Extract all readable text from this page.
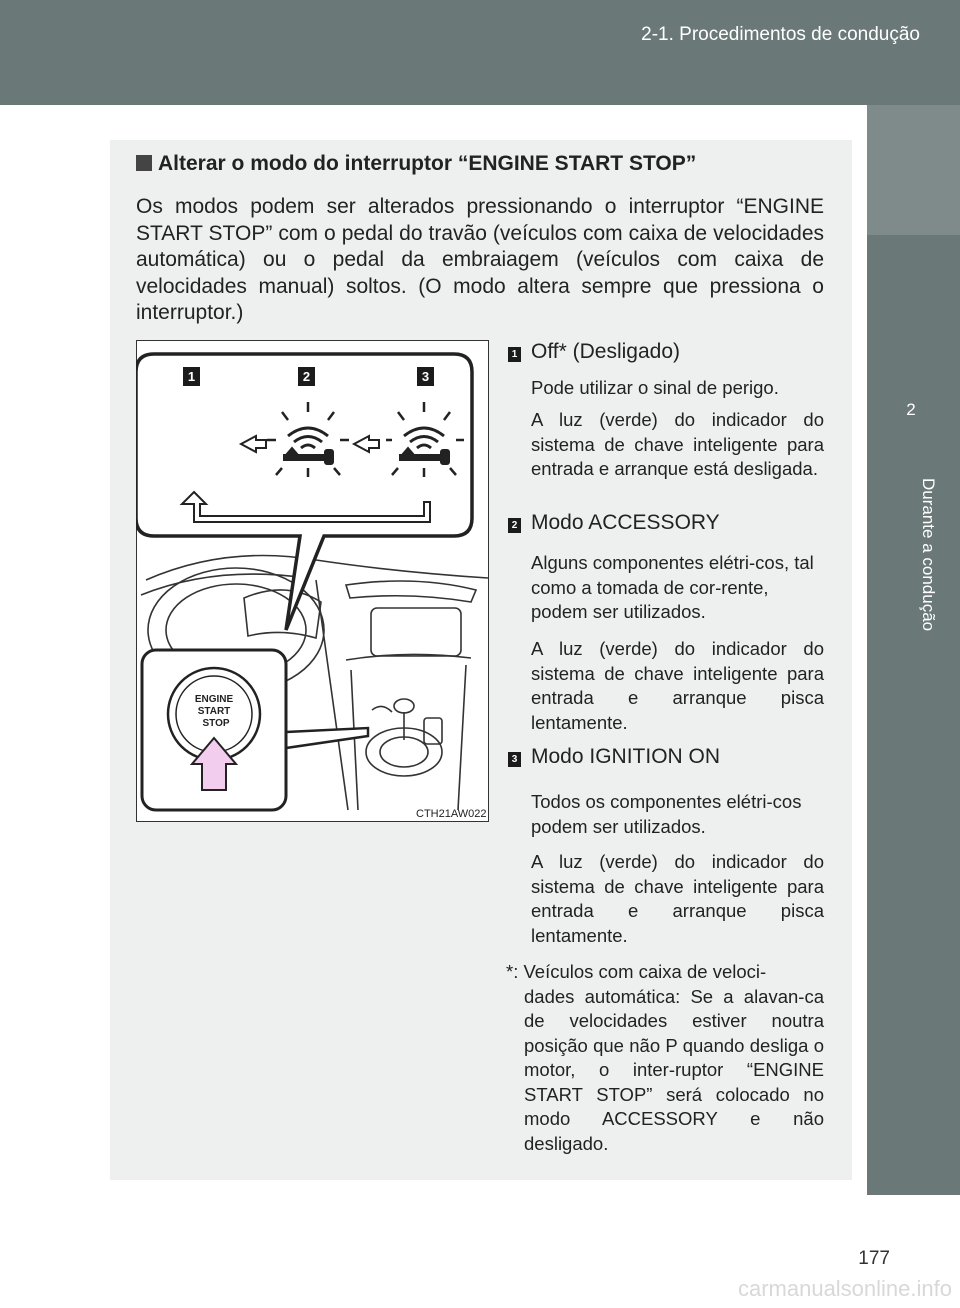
2-1. Procedimentos de condução
2
Durante a condução
Alterar o modo do interruptor “ENGINE START STOP”
Os modos podem ser alterados pressionando o interruptor “ENGINE START STOP” com o pedal do travão (veículos com caixa de velocidades automática) ou o pedal da embraiagem (veículos com caixa de velocidades manual) soltos. (O modo altera sempre que pressiona o interruptor.)
1	2	3
ENGINE
START
STOP
CTH21AW022
1 Off* (Desligado)
Pode utilizar o sinal de perigo.
A luz (verde) do indicador do sistema de chave inteligente para entrada e arranque está desligada.
2 Modo ACCESSORY
Alguns componentes elétri-cos, tal como a tomada de cor-rente, podem ser utilizados.
A luz (verde) do indicador do sistema de chave inteligente para entrada e arranque pisca lentamente.
3 Modo IGNITION ON
Todos os componentes elétri-cos podem ser utilizados.
A luz (verde) do indicador do sistema de chave inteligente para entrada e arranque pisca lentamente.
*: Veículos com caixa de veloci-
dades automática: Se a alavan-ca de velocidades estiver noutra posição que não P quando desliga o motor, o inter-ruptor “ENGINE START STOP” será colocado no modo ACCESSORY e não desligado.
177
carmanualsonline.info
